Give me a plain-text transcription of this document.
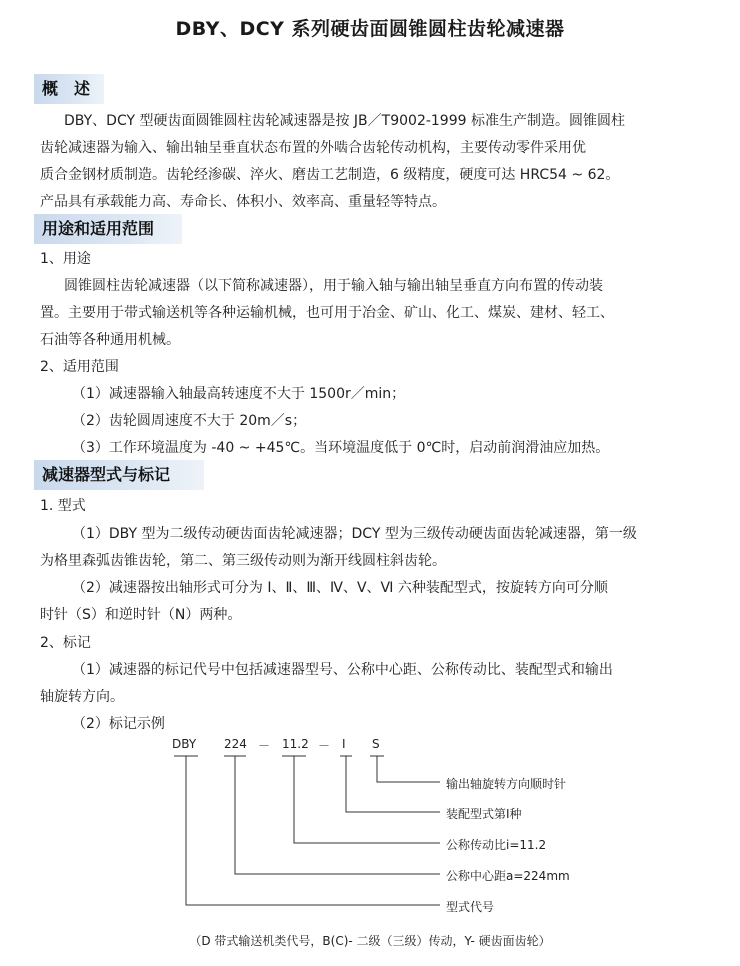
DBY、DCY 系列硬齿面圆锥圆柱齿轮减速器
概　述
DBY、DCY 型硬齿面圆锥圆柱齿轮减速器是按 JB／T9002-1999 标准生产制造。圆锥圆柱
齿轮减速器为输入、输出轴呈垂直状态布置的外啮合齿轮传动机构，主要传动零件采用优
质合金钢材质制造。齿轮经渗碳、淬火、磨齿工艺制造，6 级精度，硬度可达 HRC54 ~ 62。
产品具有承载能力高、寿命长、体积小、效率高、重量轻等特点。
用途和适用范围
1、用途
圆锥圆柱齿轮减速器（以下简称减速器），用于输入轴与输出轴呈垂直方向布置的传动装
置。主要用于带式输送机等各种运输机械，也可用于冶金、矿山、化工、煤炭、建材、轻工、
石油等各种通用机械。
2、适用范围
（1）减速器输入轴最高转速度不大于 1500r／min；
（2）齿轮圆周速度不大于 20m／s；
（3）工作环境温度为 -40 ~ +45℃。当环境温度低于 0℃时，启动前润滑油应加热。
减速器型式与标记
1. 型式
（1）DBY 型为二级传动硬齿面齿轮减速器；DCY 型为三级传动硬齿面齿轮减速器，第一级
为格里森弧齿锥齿轮，第二、第三级传动则为渐开线圆柱斜齿轮。
（2）减速器按出轴形式可分为 Ⅰ、Ⅱ、Ⅲ、Ⅳ、Ⅴ、Ⅵ 六种装配型式，按旋转方向可分顺
时针（S）和逆时针（N）两种。
2、标记
（1）减速器的标记代号中包括减速器型号、公称中心距、公称传动比、装配型式和输出
轴旋转方向。
（2）标记示例
DBY 224 － 11.2 － Ⅰ S
输出轴旋转方向顺时针
装配型式第Ⅰ种
公称传动比i=11.2
公称中心距a=224mm
型式代号
（D 带式输送机类代号，B(C)- 二级（三级）传动，Y- 硬齿面齿轮）
